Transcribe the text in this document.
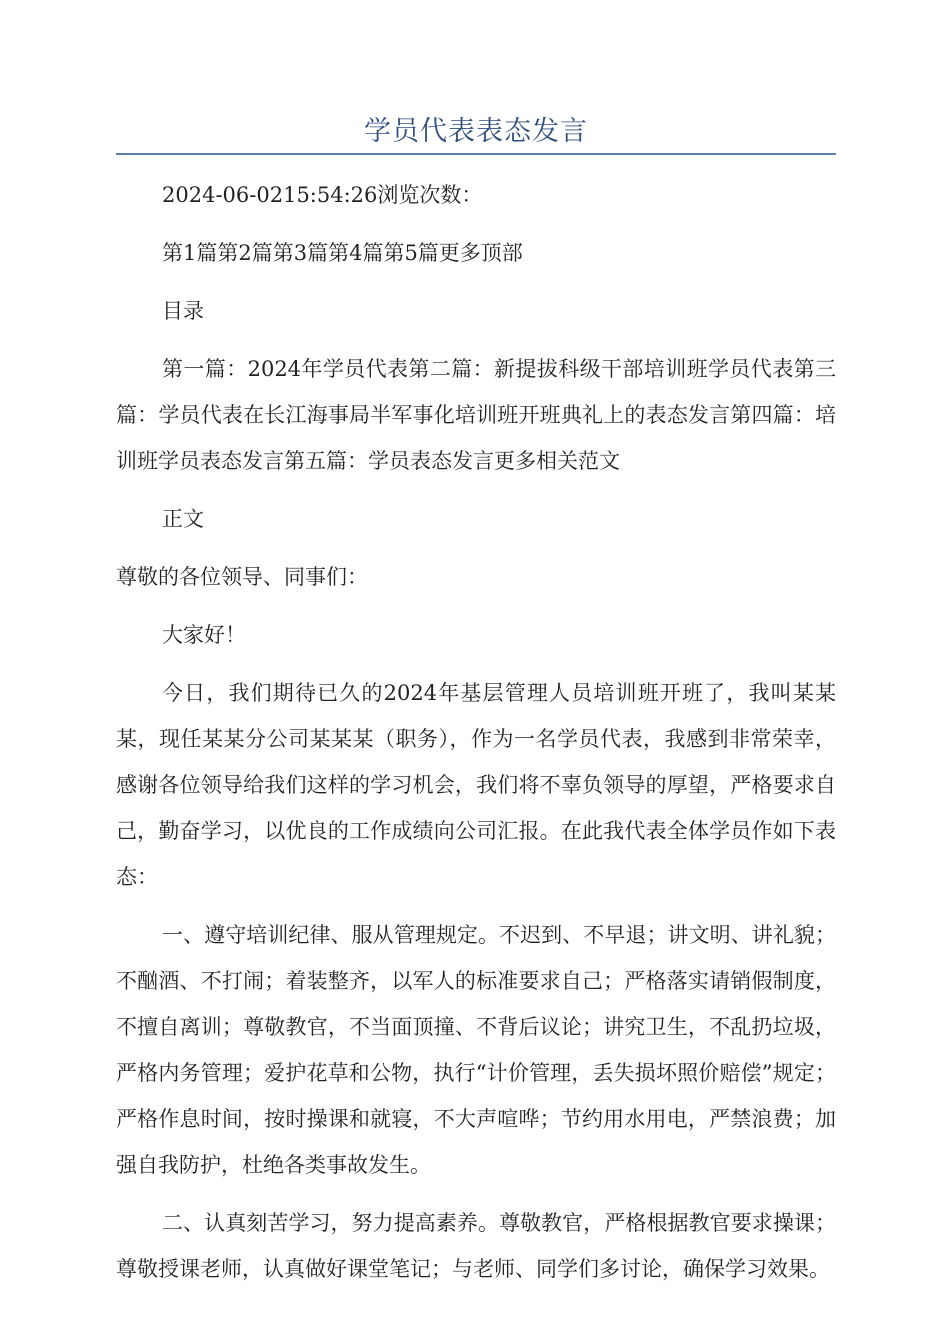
学员代表表态发言

2024-06-0215:54:26浏览次数：

第1篇第2篇第3篇第4篇第5篇更多顶部

目录

第一篇：2024年学员代表第二篇：新提拔科级干部培训班学员代表第三篇：学员代表在长江海事局半军事化培训班开班典礼上的表态发言第四篇：培训班学员表态发言第五篇：学员表态发言更多相关范文

正文

尊敬的各位领导、同事们：

大家好！

今日，我们期待已久的2024年基层管理人员培训班开班了，我叫某某某，现任某某分公司某某某（职务），作为一名学员代表，我感到非常荣幸，感谢各位领导给我们这样的学习机会，我们将不辜负领导的厚望，严格要求自己，勤奋学习，以优良的工作成绩向公司汇报。在此我代表全体学员作如下表态：

一、遵守培训纪律、服从管理规定。不迟到、不早退；讲文明、讲礼貌；不酗酒、不打闹；着装整齐，以军人的标准要求自己；严格落实请销假制度，不擅自离训；尊敬教官，不当面顶撞、不背后议论；讲究卫生，不乱扔垃圾，严格内务管理；爱护花草和公物，执行“计价管理，丢失损坏照价赔偿”规定；严格作息时间，按时操课和就寝，不大声喧哗；节约用水用电，严禁浪费；加强自我防护，杜绝各类事故发生。

二、认真刻苦学习，努力提高素养。尊敬教官，严格根据教官要求操课；尊敬授课老师，认真做好课堂笔记；与老师、同学们多讨论，确保学习效果。
